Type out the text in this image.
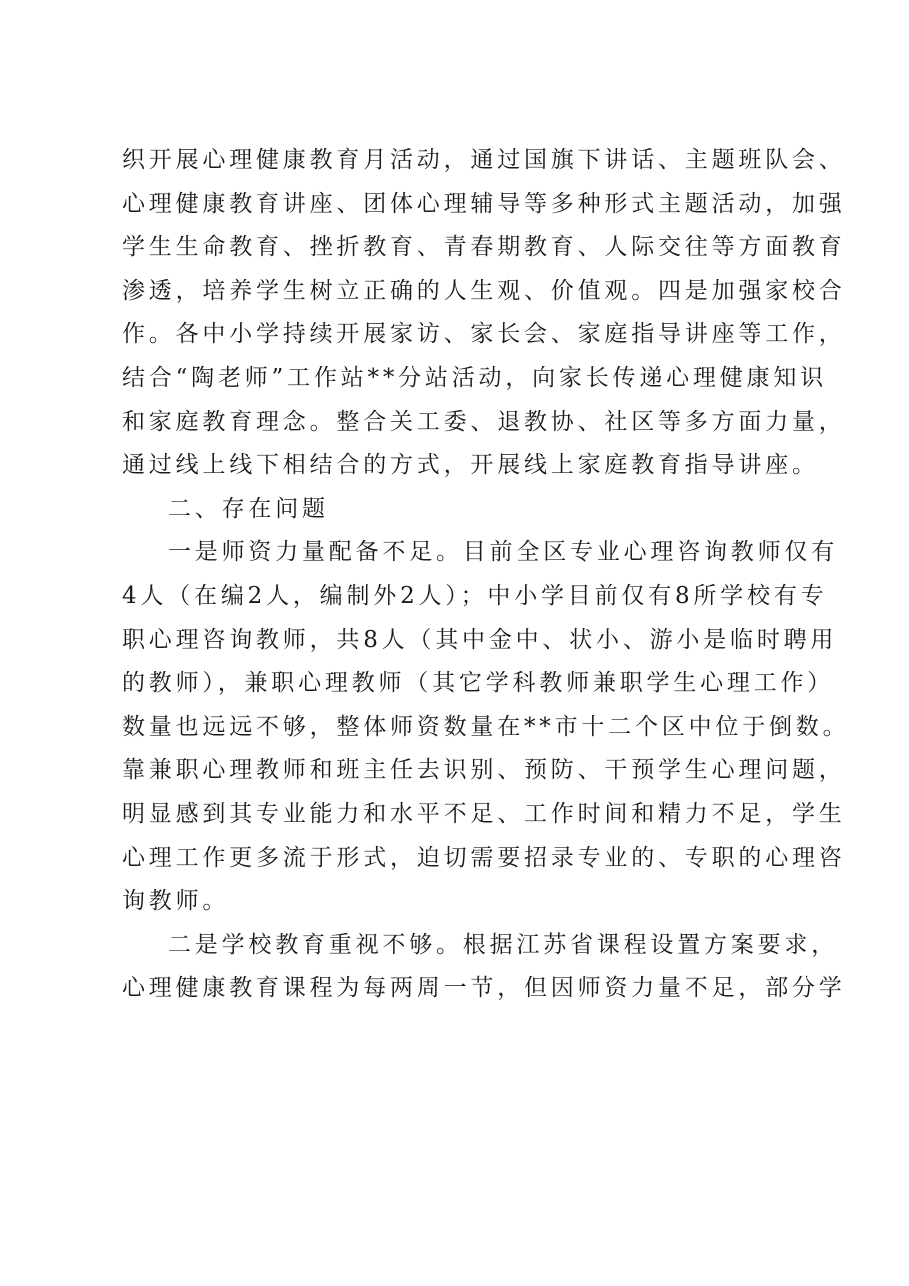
织开展心理健康教育月活动，通过国旗下讲话、主题班队会、
心理健康教育讲座、团体心理辅导等多种形式主题活动，加强
学生生命教育、挫折教育、青春期教育、人际交往等方面教育
渗透，培养学生树立正确的人生观、价值观。四是加强家校合
作。各中小学持续开展家访、家长会、家庭指导讲座等工作，
结合“陶老师”工作站**分站活动，向家长传递心理健康知识
和家庭教育理念。整合关工委、退教协、社区等多方面力量，
通过线上线下相结合的方式，开展线上家庭教育指导讲座。
二、存在问题
一是师资力量配备不足。目前全区专业心理咨询教师仅有
4人（在编2人，编制外2人）；中小学目前仅有8所学校有专
职心理咨询教师，共8人（其中金中、状小、游小是临时聘用
的教师），兼职心理教师（其它学科教师兼职学生心理工作）
数量也远远不够，整体师资数量在**市十二个区中位于倒数。
靠兼职心理教师和班主任去识别、预防、干预学生心理问题，
明显感到其专业能力和水平不足、工作时间和精力不足，学生
心理工作更多流于形式，迫切需要招录专业的、专职的心理咨
询教师。
二是学校教育重视不够。根据江苏省课程设置方案要求，
心理健康教育课程为每两周一节，但因师资力量不足，部分学
